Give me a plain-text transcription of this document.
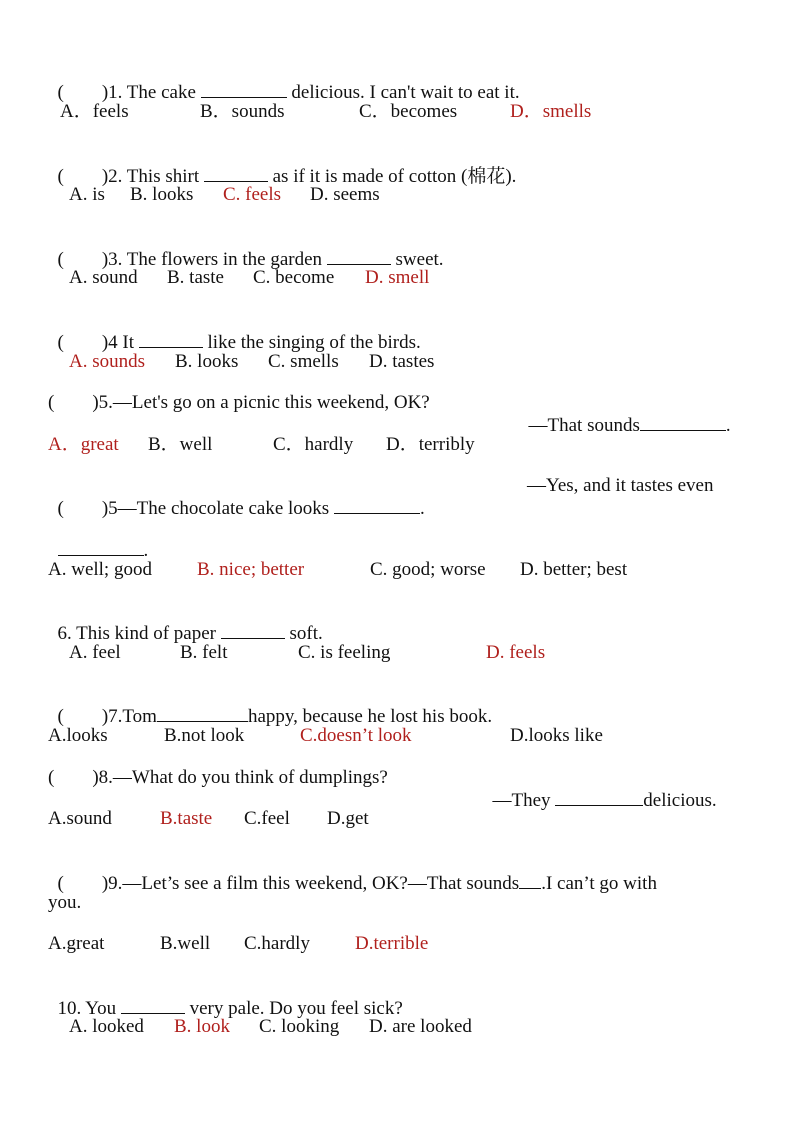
(        )1. The cake	delicious. I can't wait to eat it.

A．feels	B．sounds	C．becomes	D．smells

(        )2. This shirt	as if it is made of cotton (棉花).

A. is B. looks C. feels D. seems

(        )3. The flowers in the garden	sweet.

A. sound B. taste C. become D. smell

(        )4 It	like the singing of the birds.

A. sounds B. looks C. smells D. tastes
(        )5.—Let's go on a picnic this weekend, OK?

—That sounds	.

A．great B．well	C．hardly D．terribly

(        )5—The chocolate cake looks	.

—Yes, and it tastes even

.

A. well; good B. nice; better	C. good; worse D. better; best

6. This kind of paper	soft.

A. feel	B. felt	C. is feeling	D. feels

(        )7.Tom	happy, because he lost his book.

A.looks	B.not look	C.doesn’t look	D.looks like
(        )8.—What do you think of dumplings?

—They	delicious.

A.sound	B.taste C.feel D.get

(        )9.—Let’s see a film this weekend, OK?—That sounds .I can’t go with

you.
A.great	B.well C.hardly D.terrible

10. You	very pale. Do you feel sick?

A. looked B. look C. looking D. are looked
